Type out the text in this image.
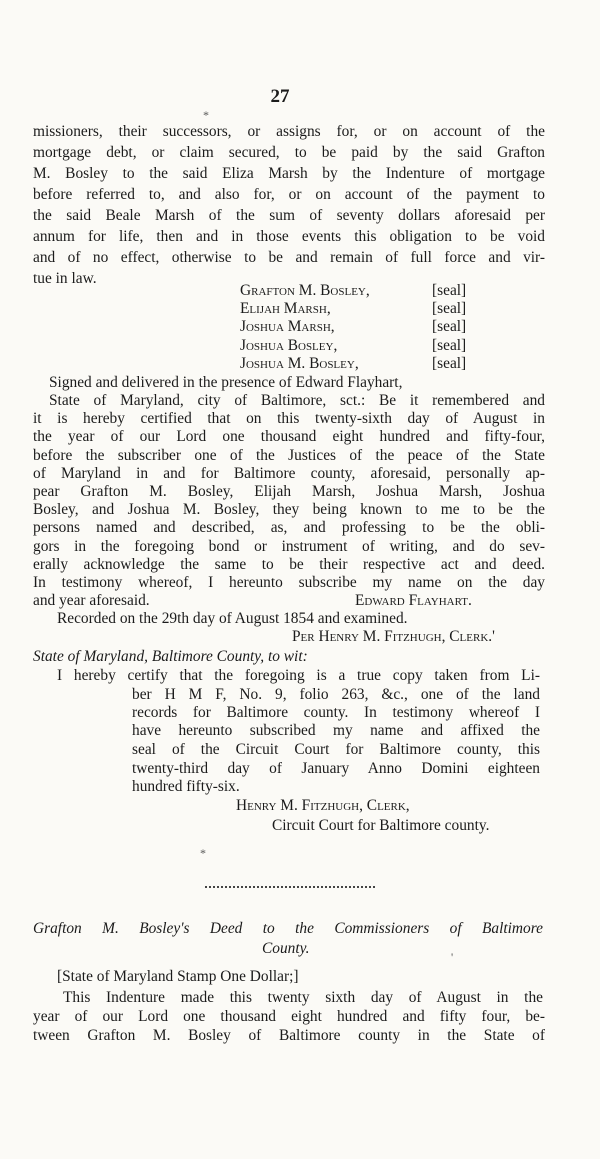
27
*
missioners, their successors, or assigns for, or on account of the
mortgage debt, or claim secured, to be paid by the said Grafton
M. Bosley to the said Eliza Marsh by the Indenture of mortgage
before referred to, and also for, or on account of the payment to
the said Beale Marsh of the sum of seventy dollars aforesaid per
annum for life, then and in those events this obligation to be void
and of no effect, otherwise to be and remain of full force and vir-
tue in law.
Grafton M. Bosley,	[seal]
Elijah Marsh,	[seal]
Joshua Marsh,	[seal]
Joshua Bosley,	[seal]
Joshua M. Bosley,	[seal]
Signed and delivered in the presence of Edward Flayhart,
State of Maryland, city of Baltimore, sct.: Be it remembered and
it is hereby certified that on this twenty-sixth day of August in
the year of our Lord one thousand eight hundred and fifty-four,
before the subscriber one of the Justices of the peace of the State
of Maryland in and for Baltimore county, aforesaid, personally ap-
pear Grafton M. Bosley, Elijah Marsh, Joshua Marsh, Joshua
Bosley, and Joshua M. Bosley, they being known to me to be the
persons named and described, as, and professing to be the obli-
gors in the foregoing bond or instrument of writing, and do sev-
erally acknowledge the same to be their respective act and deed.
In testimony whereof, I hereunto subscribe my name on the day
and year aforesaid.	Edward Flayhart.
Recorded on the 29th day of August 1854 and examined.
Per Henry M. Fitzhugh, Clerk.'
State of Maryland, Baltimore County, to wit:
I hereby certify that the foregoing is a true copy taken from Li-
ber H M F, No. 9, folio 263, &c., one of the land
records for Baltimore county. In testimony whereof I
have hereunto subscribed my name and affixed the
seal of the Circuit Court for Baltimore county, this
twenty-third day of January Anno Domini eighteen
hundred fifty-six.
Henry M. Fitzhugh, Clerk,
Circuit Court for Baltimore county.
*
Grafton M. Bosley's Deed to the Commissioners of Baltimore
County.	'
[State of Maryland Stamp One Dollar;]
This Indenture made this twenty sixth day of August in the
year of our Lord one thousand eight hundred and fifty four, be-
tween Grafton M. Bosley of Baltimore county in the State of
